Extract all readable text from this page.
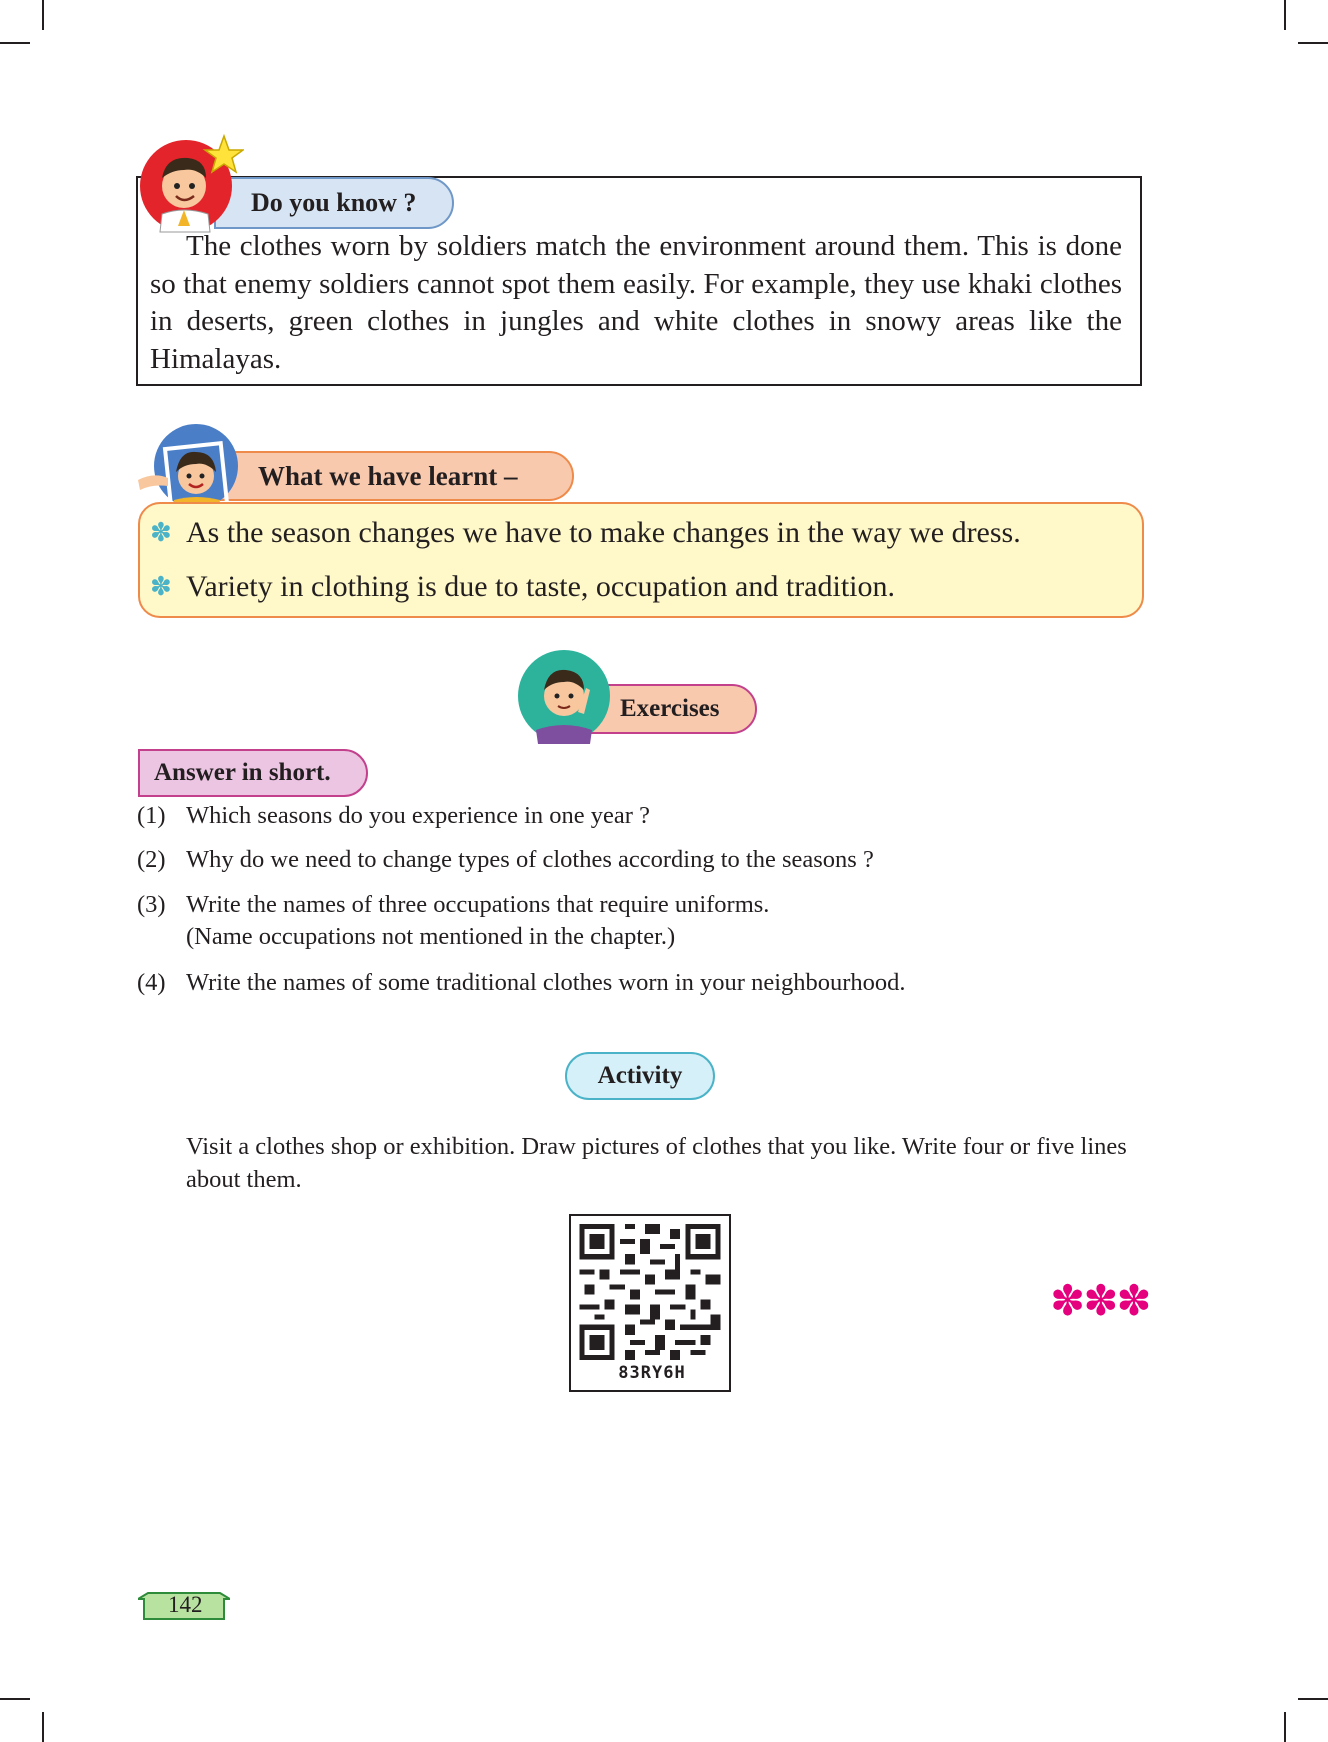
Do you know ?
The clothes worn by soldiers match the environment around them. This is done so that enemy soldiers cannot spot them easily. For example, they use khaki clothes in deserts, green clothes in jungles and white clothes in snowy areas like the Himalayas.
What we have learnt –
✽ As the season changes we have to make changes in the way we dress.
✽ Variety in clothing is due to taste, occupation and tradition.
Exercises
Answer in short.
(1) Which seasons do you experience in one year ?
(2) Why do we need to change types of clothes according to the seasons ?
(3) Write the names of three occupations that require uniforms.
(Name occupations not mentioned in the chapter.)
(4) Write the names of some traditional clothes worn in your neighbourhood.
Activity
Visit a clothes shop or exhibition. Draw pictures of clothes that you like. Write four or five lines about them.
83RY6H
✽✽✽
142
